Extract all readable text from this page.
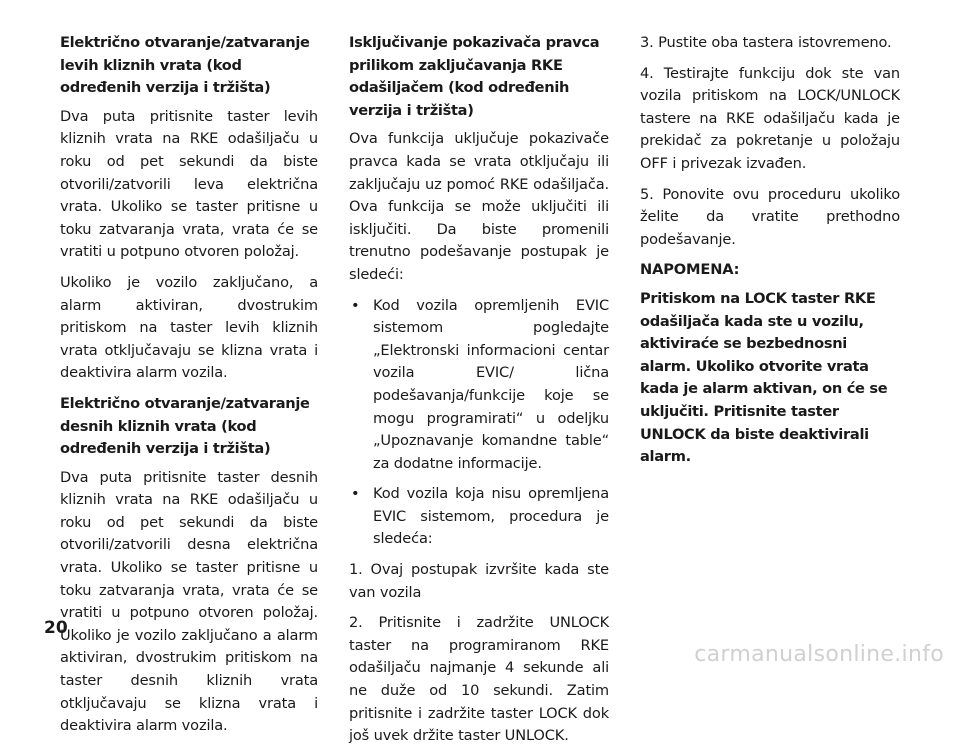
Električno otvaranje/zatvaranje levih kliznih vrata (kod određenih verzija i tržišta)
Dva puta pritisnite taster levih kliznih vrata na RKE odašiljaču u roku od pet sekundi da biste otvorili/zatvorili leva električna vrata. Ukoliko se taster pritisne u toku zatvaranja vrata, vrata će se vratiti u potpuno otvoren položaj.
Ukoliko je vozilo zaključano, a alarm aktiviran, dvostrukim pritiskom na taster levih kliznih vrata otključavaju se klizna vrata i deaktivira alarm vozila.
Električno otvaranje/zatvaranje desnih kliznih vrata (kod određenih verzija i tržišta)
Dva puta pritisnite taster desnih kliznih vrata na RKE odašiljaču u roku od pet sekundi da biste otvorili/zatvorili desna električna vrata. Ukoliko se taster pritisne u toku zatvaranja vrata, vrata će se vratiti u potpuno otvoren položaj. Ukoliko je vozilo zaključano a alarm aktiviran, dvostrukim pritiskom na taster desnih kliznih vrata otključavaju se klizna vrata i deaktivira alarm vozila.
Isključivanje pokazivača pravca prilikom zaključavanja RKE odašiljačem (kod određenih verzija i tržišta)
Ova funkcija uključuje pokazivače pravca kada se vrata otključaju ili zaključaju uz pomoć RKE odašiljača. Ova funkcija se može uključiti ili isključiti. Da biste promenili trenutno podešavanje postupak je sledeći:
• Kod vozila opremljenih EVIC sistemom pogledajte „Elektronski informacioni centar vozila EVIC/ lična podešavanja/funkcije koje se mogu programirati“ u odeljku „Upoznavanje komandne table“ za dodatne informacije.
• Kod vozila koja nisu opremljena EVIC sistemom, procedura je sledeća:
1. Ovaj postupak izvršite kada ste van vozila
2. Pritisnite i zadržite UNLOCK taster na programiranom RKE odašiljaču najmanje 4 sekunde ali ne duže od 10 sekundi. Zatim pritisnite i zadržite taster LOCK dok još uvek držite taster UNLOCK.
3. Pustite oba tastera istovremeno.
4. Testirajte funkciju dok ste van vozila pritiskom na LOCK/UNLOCK tastere na RKE odašiljaču kada je prekidač za pokretanje u položaju OFF i privezak izvađen.
5. Ponovite ovu proceduru ukoliko želite da vratite prethodno podešavanje.
NAPOMENA:
Pritiskom na LOCK taster RKE odašiljača kada ste u vozilu, aktiviraće se bezbednosni alarm. Ukoliko otvorite vrata kada je alarm aktivan, on će se uključiti. Pritisnite taster UNLOCK da biste deaktivirali alarm.
20
carmanualsonline.info
